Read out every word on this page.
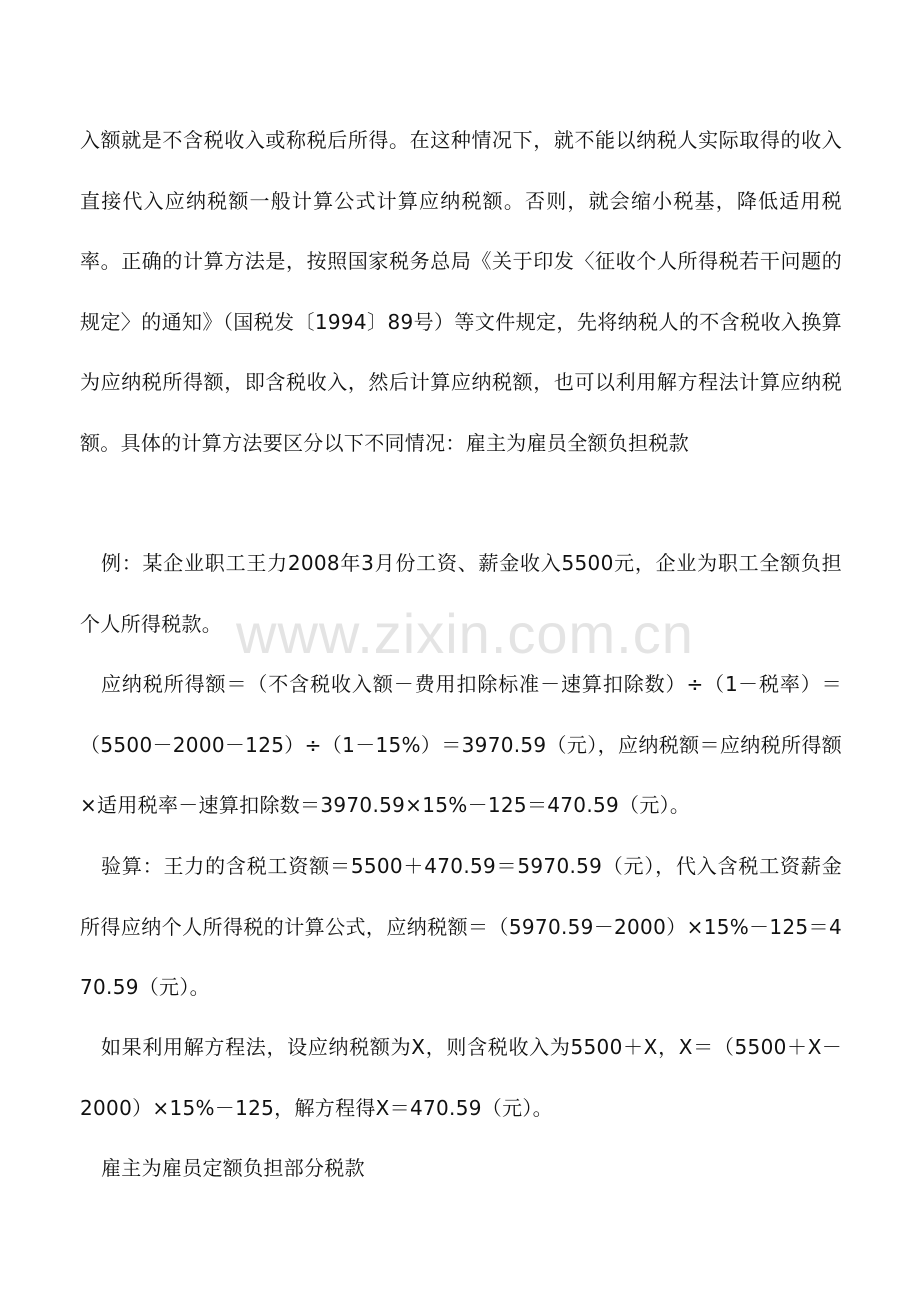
入额就是不含税收入或称税后所得。在这种情况下，就不能以纳税人实际取得的收入直接代入应纳税额一般计算公式计算应纳税额。否则，就会缩小税基，降低适用税率。正确的计算方法是，按照国家税务总局《关于印发〈征收个人所得税若干问题的规定〉的通知》（国税发〔1994〕89号）等文件规定，先将纳税人的不含税收入换算为应纳税所得额，即含税收入，然后计算应纳税额，也可以利用解方程法计算应纳税额。具体的计算方法要区分以下不同情况：雇主为雇员全额负担税款

例：某企业职工王力2008年3月份工资、薪金收入5500元，企业为职工全额负担个人所得税款。

应纳税所得额＝（不含税收入额－费用扣除标准－速算扣除数）÷（1－税率）＝（5500－2000－125）÷（1－15%）＝3970.59（元），应纳税额＝应纳税所得额×适用税率－速算扣除数＝3970.59×15%－125＝470.59（元）。

验算：王力的含税工资额＝5500＋470.59＝5970.59（元），代入含税工资薪金所得应纳个人所得税的计算公式，应纳税额＝（5970.59－2000）×15%－125＝470.59（元）。

如果利用解方程法，设应纳税额为X，则含税收入为5500＋X，X＝（5500＋X－2000）×15%－125，解方程得X＝470.59（元）。

雇主为雇员定额负担部分税款

www.zixin.com.cn
